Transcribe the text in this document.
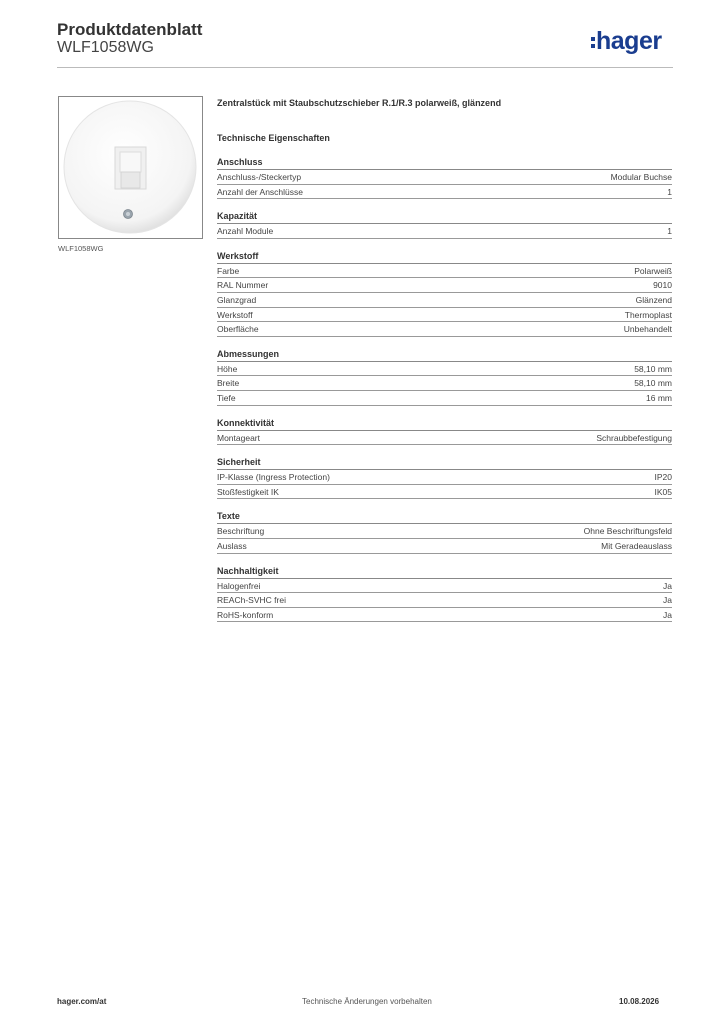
Produktdatenblatt
WLF1058WG	hager
WLF1058WG
Zentralstück mit Staubschutzschieber R.1/R.3 polarweiß, glänzend
Technische Eigenschaften
Anschluss
Anschluss-/Steckertyp	Modular Buchse
Anzahl der Anschlüsse	1
Kapazität
Anzahl Module	1
Werkstoff
Farbe	Polarweiß
RAL Nummer	9010
Glanzgrad	Glänzend
Werkstoff	Thermoplast
Oberfläche	Unbehandelt
Abmessungen
Höhe	58,10 mm
Breite	58,10 mm
Tiefe	16 mm
Konnektivität
Montageart	Schraubbefestigung
Sicherheit
IP-Klasse (Ingress Protection)	IP20
Stoßfestigkeit IK	IK05
Texte
Beschriftung	Ohne Beschriftungsfeld
Auslass	Mit Geradeauslass
Nachhaltigkeit
Halogenfrei	Ja
REACh-SVHC frei	Ja
RoHS-konform	Ja
hager.com/at	Technische Änderungen vorbehalten	10.08.2026
